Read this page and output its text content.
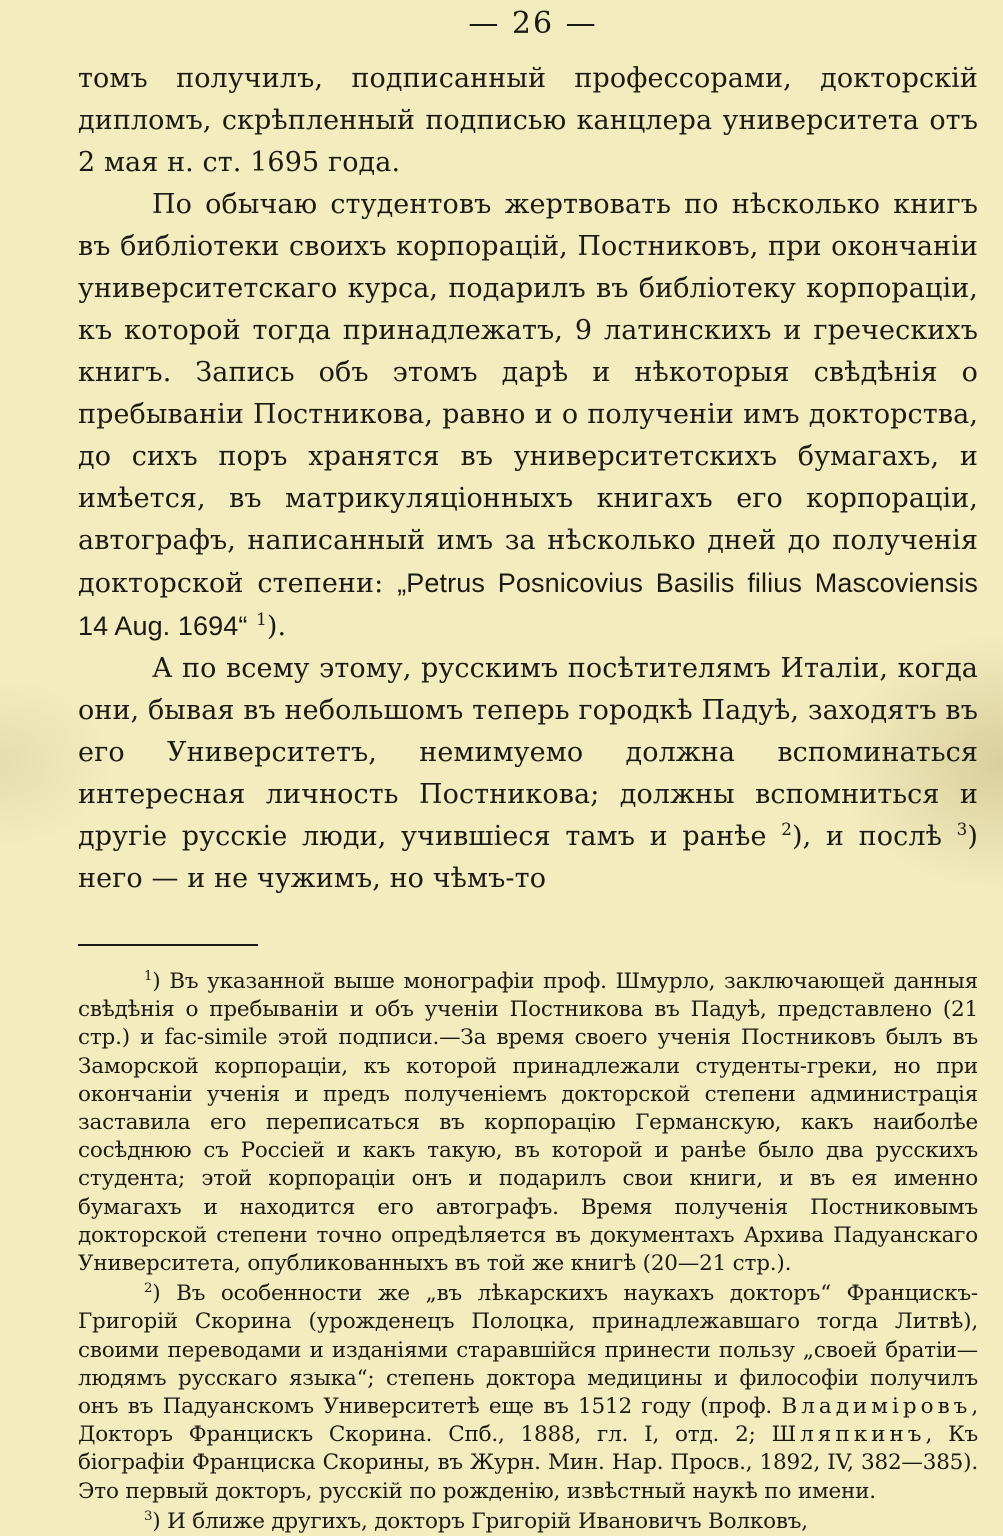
— 26 —

томъ получилъ, подписанный профессорами, докторскій дипломъ, скрѣпленный подписью канцлера университета отъ 2 мая н. ст. 1695 года.

По обычаю студентовъ жертвовать по нѣсколько книгъ въ библіотеки своихъ корпорацій, Постниковъ, при окончаніи университетскаго курса, подарилъ въ библіотеку корпораціи, къ которой тогда принадлежатъ, 9 латинскихъ и греческихъ книгъ. Запись объ этомъ дарѣ и нѣкоторыя свѣдѣнія о пребываніи Постникова, равно и о полученіи имъ докторства, до сихъ поръ хранятся въ университетскихъ бумагахъ, и имѣется, въ матрикуляціонныхъ книгахъ его корпораціи, автографъ, написанный имъ за нѣсколько дней до полученія докторской степени: „Petrus Posnicovius Basilis filius Mascoviensis 14 Aug. 1694“ $^1$).

А по всему этому, русскимъ посѣтителямъ Италіи, когда они, бывая въ небольшомъ теперь городкѣ Падуѣ, заходятъ въ его Университетъ, немимуемо должна вспоминаться интересная личность Постникова; должны вспомниться и другіе русскіе люди, учившіеся тамъ и ранѣе $^2$), и послѣ $^3$) него — и не чужимъ, но чѣмъ-то

$^1$) Въ указанной выше монографіи проф. Шмурло, заключающей данныя свѣдѣнія о пребываніи и объ ученіи Постникова въ Падуѣ, представлено (21 стр.) и fac-simile этой подписи.—За время своего ученія Постниковъ былъ въ Заморской корпораціи, къ которой принадлежали студенты-греки, но при окончаніи ученія и предъ полученіемъ докторской степени администрація заставила его переписаться въ корпорацію Германскую, какъ наиболѣе сосѣднюю съ Россіей и какъ такую, въ которой и ранѣе было два русскихъ студента; этой корпораціи онъ и подарилъ свои книги, и въ ея именно бумагахъ и находится его автографъ. Время полученія Постниковымъ докторской степени точно опредѣляется въ документахъ Архива Падуанскаго Университета, опубликованныхъ въ той же книгѣ (20—21 стр.).

$^2$) Въ особенности же „въ лѣкарскихъ наукахъ докторъ“ Францискъ-Григорій Скорина (урожденецъ Полоцка, принадлежавшаго тогда Литвѣ), своими переводами и изданіями старавшійся принести пользу „своей братіи—людямъ русскаго языка“; степень доктора медицины и философіи получилъ онъ въ Падуанскомъ Университетѣ еще въ 1512 году (проф. Владиміровъ, Докторъ Францискъ Скорина. Спб., 1888, гл. I, отд. 2; Шляпкинъ, Къ біографіи Франциска Скорины, въ Журн. Мин. Нар. Просв., 1892, IV, 382—385). Это первый докторъ, русскій по рожденію, извѣстный наукѣ по имени.

$^3$) И ближе другихъ, докторъ Григорій Ивановичъ Волковъ,
